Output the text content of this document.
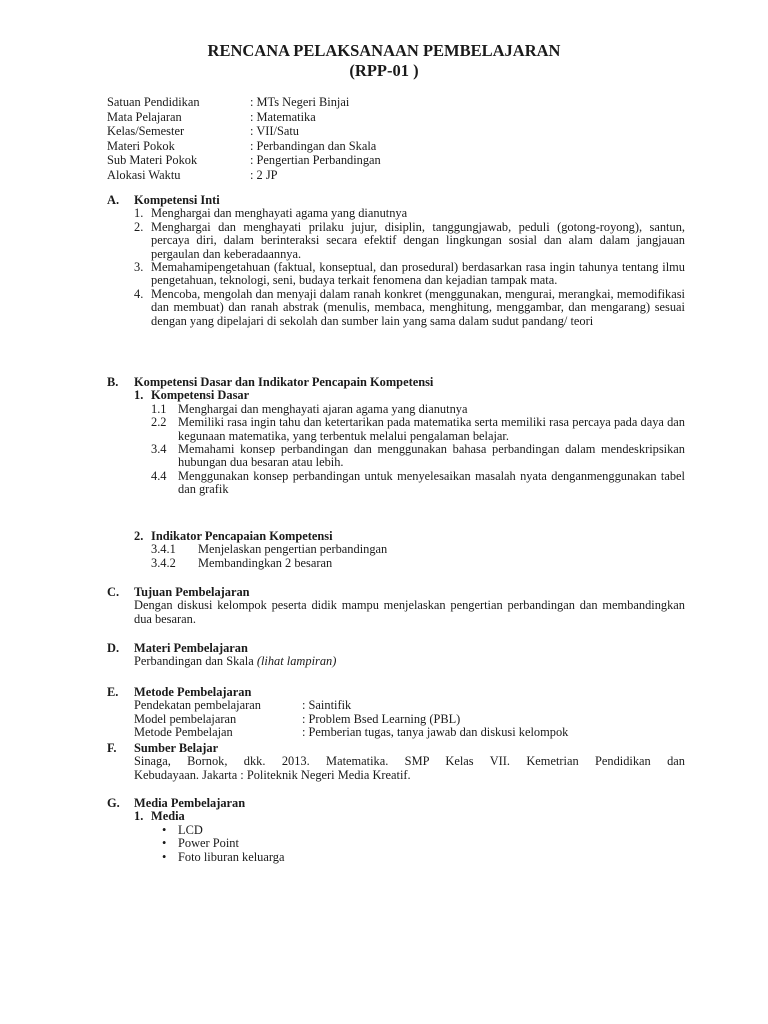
RENCANA PELAKSANAAN PEMBELAJARAN
(RPP-01 )
Satuan Pendidikan	: MTs Negeri Binjai
Mata Pelajaran	: Matematika
Kelas/Semester	: VII/Satu
Materi Pokok	: Perbandingan dan Skala
Sub Materi Pokok	: Pengertian Perbandingan
Alokasi Waktu	: 2 JP
A. Kompetensi Inti
1. Menghargai dan menghayati agama yang dianutnya
2. Menghargai dan menghayati prilaku jujur, disiplin, tanggungjawab, peduli (gotong-royong), santun, percaya diri, dalam berinteraksi secara efektif dengan lingkungan sosial dan alam dalam jangjauan pergaulan dan keberadaannya.
3. Memahamipengetahuan (faktual, konseptual, dan prosedural) berdasarkan rasa ingin tahunya tentang ilmu pengetahuan, teknologi, seni, budaya terkait fenomena dan kejadian tampak mata.
4. Mencoba, mengolah dan menyaji dalam ranah konkret (menggunakan, mengurai, merangkai, memodifikasi dan membuat) dan ranah abstrak (menulis, membaca, menghitung, menggambar, dan mengarang) sesuai dengan yang dipelajari di sekolah dan sumber lain yang sama dalam sudut pandang/ teori
B. Kompetensi Dasar dan Indikator Pencapain Kompetensi
1. Kompetensi Dasar
1.1 Menghargai dan menghayati ajaran agama yang dianutnya
2.2 Memiliki rasa ingin tahu dan ketertarikan pada matematika serta memiliki rasa percaya pada daya dan kegunaan matematika, yang terbentuk melalui pengalaman belajar.
3.4 Memahami konsep perbandingan dan menggunakan bahasa perbandingan dalam mendeskripsikan hubungan dua besaran atau lebih.
4.4 Menggunakan konsep perbandingan untuk menyelesaikan masalah nyata denganmenggunakan tabel dan grafik
2. Indikator Pencapaian Kompetensi
3.4.1 Menjelaskan pengertian perbandingan
3.4.2 Membandingkan 2 besaran
C. Tujuan Pembelajaran
Dengan diskusi kelompok peserta didik mampu menjelaskan pengertian perbandingan dan membandingkan dua besaran.
D. Materi Pembelajaran
Perbandingan dan Skala (lihat lampiran)
E. Metode Pembelajaran
Pendekatan pembelajaran	: Saintifik
Model pembelajaran	: Problem Bsed Learning (PBL)
Metode Pembelajan	: Pemberian tugas, tanya jawab dan diskusi kelompok
F. Sumber Belajar
Sinaga, Bornok, dkk. 2013. Matematika. SMP Kelas VII. Kemetrian Pendidikan dan
Kebudayaan. Jakarta : Politeknik Negeri Media Kreatif.
G. Media Pembelajaran
1. Media
• LCD
• Power Point
• Foto liburan keluarga
